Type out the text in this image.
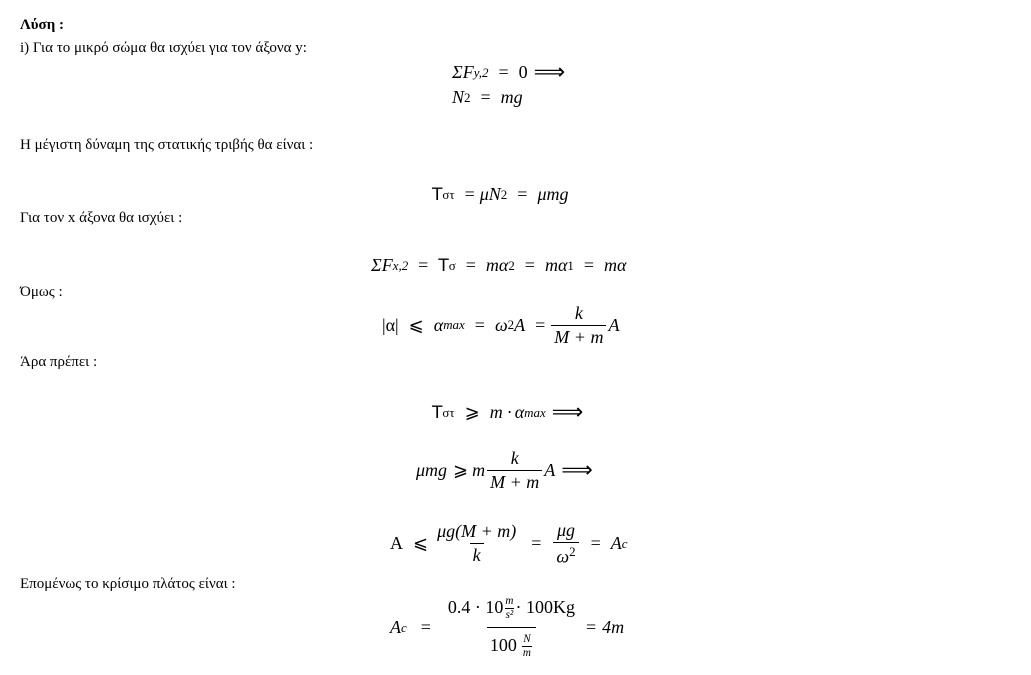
Λύση :
i) Για το μικρό σώμα θα ισχύει για τον άξονα y:
ΣF y,2 = 0 ⟹
N 2 = mg
Η μέγιστη δύναμη της στατικής τριβής θα είναι :
T στ = μN 2 = μmg
Για τον x άξονα θα ισχύει :
ΣF x,2 = T σ = mα 2 = mα 1 = mα
Όμως :
|α| ⩽ α max = ω 2 $A = \frac{k}{M + m}$ A
Άρα πρέπει :
T στ ⩾ m · α max ⟹
μmg ⩾ m $\frac{k}{M + m}$ A ⟹
A ⩽ $\frac{\mu g(M + m)}{k} = \frac{\mu g}{\omega^2} = A$ c
Επομένως το κρίσιμο πλάτος είναι :
A $c = \frac{0.4 \cdot 10 \frac{m}{\text{s²}} \cdot 100Kg}{100 \frac{N}{m}} = 4m$
